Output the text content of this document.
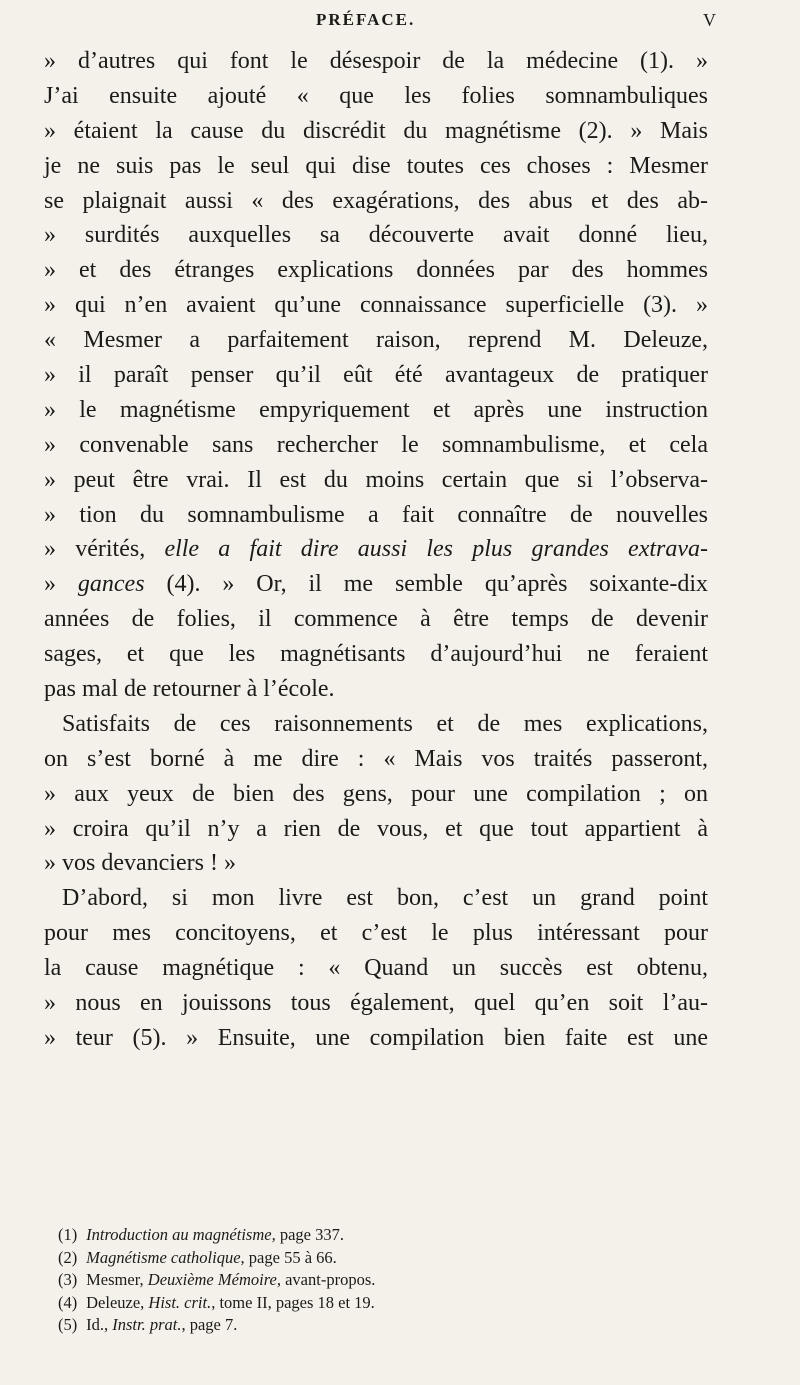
PRÉFACE.	V
» d’autres qui font le désespoir de la médecine (1). »
J’ai ensuite ajouté « que les folies somnambuliques
» étaient la cause du discrédit du magnétisme (2). » Mais
je ne suis pas le seul qui dise toutes ces choses : Mesmer
se plaignait aussi « des exagérations, des abus et des ab-
» surdités auxquelles sa découverte avait donné lieu,
» et des étranges explications données par des hommes
» qui n’en avaient qu’une connaissance superficielle (3). »
« Mesmer a parfaitement raison, reprend M. Deleuze,
» il paraît penser qu’il eût été avantageux de pratiquer
» le magnétisme empyriquement et après une instruction
» convenable sans rechercher le somnambulisme, et cela
» peut être vrai. Il est du moins certain que si l’observa-
» tion du somnambulisme a fait connaître de nouvelles
» vérités, elle a fait dire aussi les plus grandes extrava-
» gances (4). » Or, il me semble qu’après soixante-dix
années de folies, il commence à être temps de devenir
sages, et que les magnétisants d’aujourd’hui ne feraient
pas mal de retourner à l’école.
Satisfaits de ces raisonnements et de mes explications,
on s’est borné à me dire : « Mais vos traités passeront,
» aux yeux de bien des gens, pour une compilation ; on
» croira qu’il n’y a rien de vous, et que tout appartient à
» vos devanciers ! »
D’abord, si mon livre est bon, c’est un grand point
pour mes concitoyens, et c’est le plus intéressant pour
la cause magnétique : « Quand un succès est obtenu,
» nous en jouissons tous également, quel qu’en soit l’au-
» teur (5). » Ensuite, une compilation bien faite est une
(1) Introduction au magnétisme, page 337.
(2) Magnétisme catholique, page 55 à 66.
(3) Mesmer, Deuxième Mémoire, avant-propos.
(4) Deleuze, Hist. crit., tome II, pages 18 et 19.
(5) Id., Instr. prat., page 7.
